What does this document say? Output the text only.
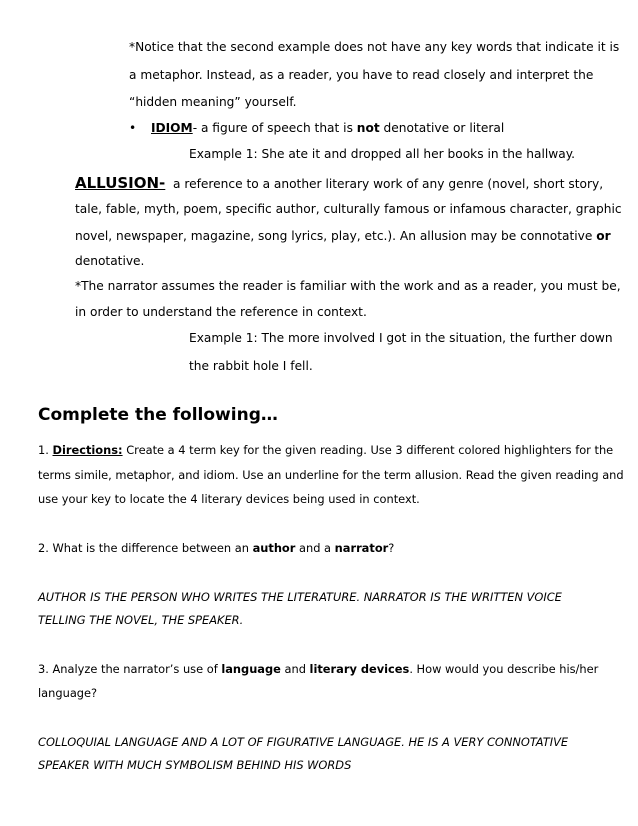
*Notice that the second example does not have any key words that indicate it is
a metaphor. Instead, as a reader, you have to read closely and interpret the
“hidden meaning” yourself.
• IDIOM- a figure of speech that is not denotative or literal
Example 1: She ate it and dropped all her books in the hallway.
ALLUSION- a reference to a another literary work of any genre (novel, short story,
tale, fable, myth, poem, specific author, culturally famous or infamous character, graphic
novel, newspaper, magazine, song lyrics, play, etc.). An allusion may be connotative or
denotative.
*The narrator assumes the reader is familiar with the work and as a reader, you must be,
in order to understand the reference in context.
Example 1: The more involved I got in the situation, the further down
the rabbit hole I fell.
Complete the following…
1. Directions: Create a 4 term key for the given reading. Use 3 different colored highlighters for the
terms simile, metaphor, and idiom. Use an underline for the term allusion. Read the given reading and
use your key to locate the 4 literary devices being used in context.
2. What is the difference between an author and a narrator?
AUTHOR IS THE PERSON WHO WRITES THE LITERATURE. NARRATOR IS THE WRITTEN VOICE
TELLING THE NOVEL, THE SPEAKER.
3. Analyze the narrator’s use of language and literary devices. How would you describe his/her
language?
COLLOQUIAL LANGUAGE AND A LOT OF FIGURATIVE LANGUAGE. HE IS A VERY CONNOTATIVE
SPEAKER WITH MUCH SYMBOLISM BEHIND HIS WORDS
